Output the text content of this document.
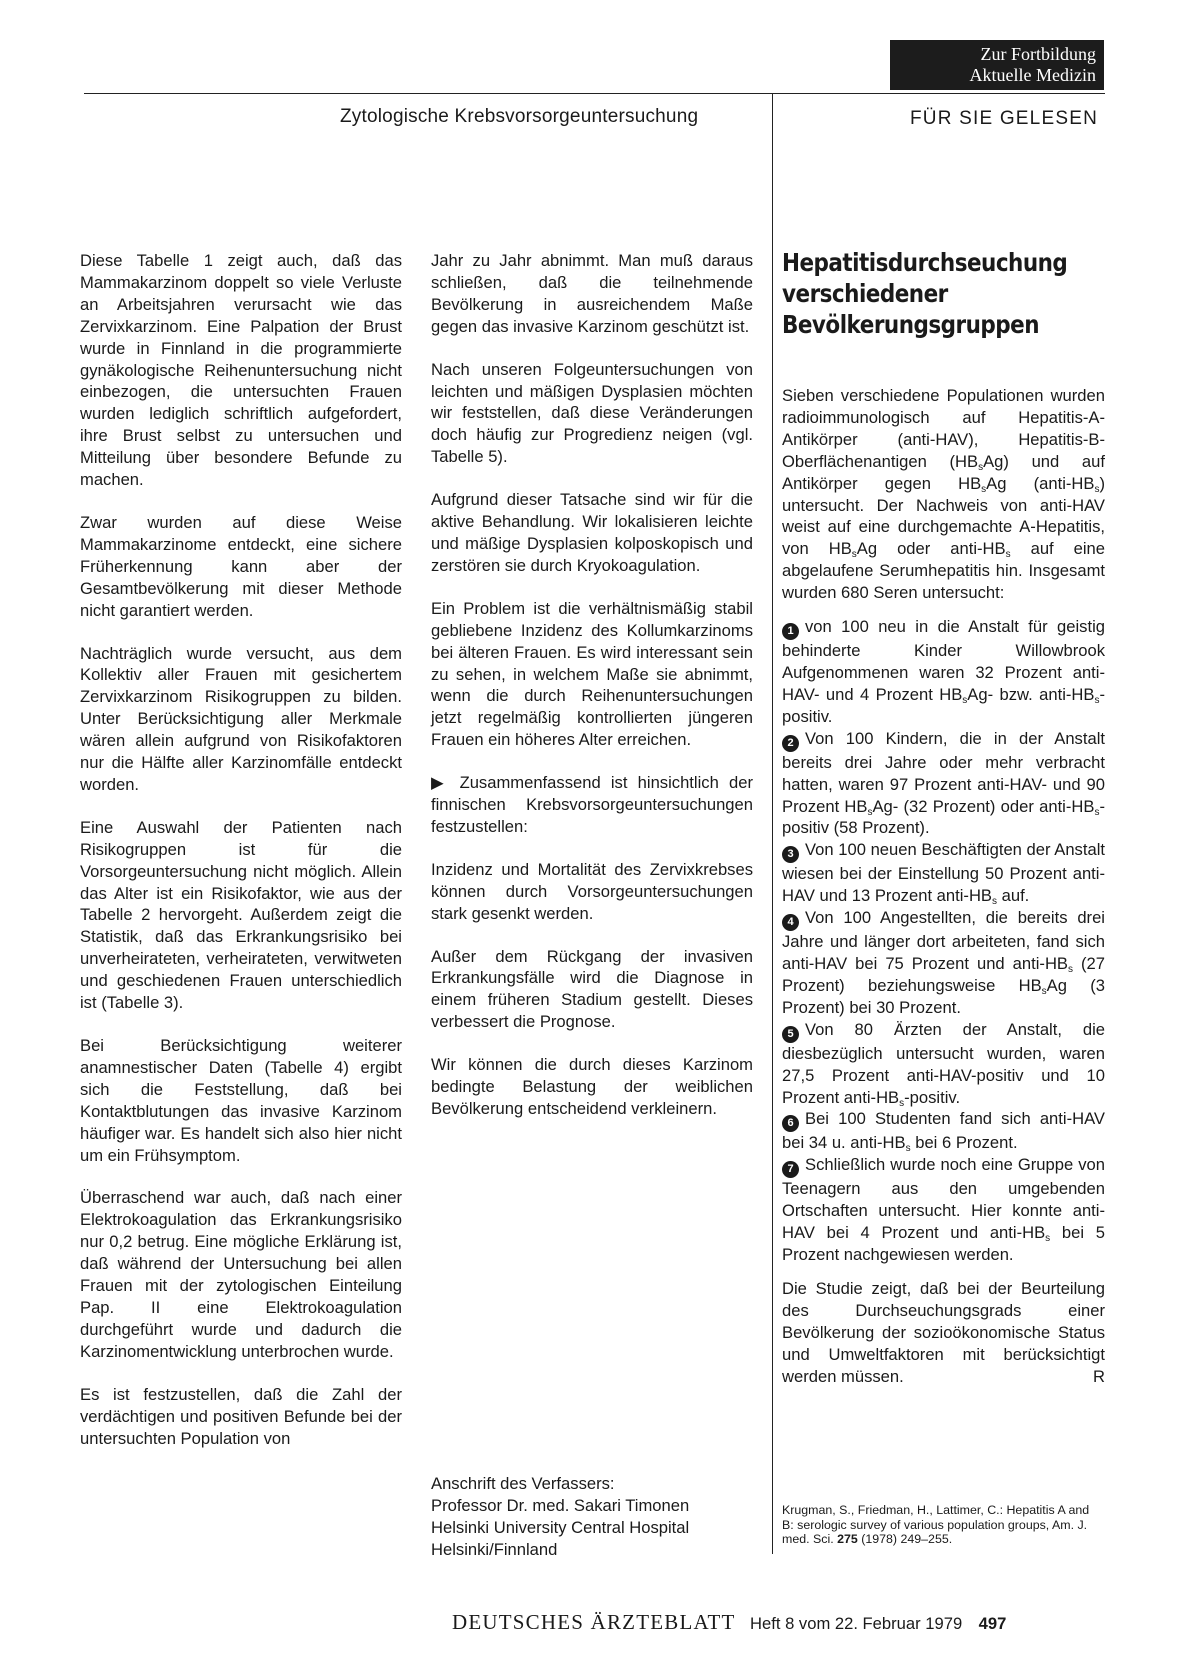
Zur Fortbildung
Aktuelle Medizin
Zytologische Krebsvorsorgeuntersuchung	FÜR SIE GELESEN

Diese Tabelle 1 zeigt auch, daß das Mammakarzinom doppelt so viele Verluste an Arbeitsjahren verursacht wie das Zervixkarzinom. Eine Palpation der Brust wurde in Finnland in die programmierte gynäkologische Reihenuntersuchung nicht einbezogen, die untersuchten Frauen wurden lediglich schriftlich aufgefordert, ihre Brust selbst zu untersuchen und Mitteilung über besondere Befunde zu machen.

Zwar wurden auf diese Weise Mammakarzinome entdeckt, eine sichere Früherkennung kann aber der Gesamtbevölkerung mit dieser Methode nicht garantiert werden.

Nachträglich wurde versucht, aus dem Kollektiv aller Frauen mit gesichertem Zervixkarzinom Risikogruppen zu bilden. Unter Berücksichtigung aller Merkmale wären allein aufgrund von Risikofaktoren nur die Hälfte aller Karzinomfälle entdeckt worden.

Eine Auswahl der Patienten nach Risikogruppen ist für die Vorsorgeuntersuchung nicht möglich. Allein das Alter ist ein Risikofaktor, wie aus der Tabelle 2 hervorgeht. Außerdem zeigt die Statistik, daß das Erkrankungsrisiko bei unverheirateten, verheirateten, verwitweten und geschiedenen Frauen unterschiedlich ist (Tabelle 3).

Bei Berücksichtigung weiterer anamnestischer Daten (Tabelle 4) ergibt sich die Feststellung, daß bei Kontaktblutungen das invasive Karzinom häufiger war. Es handelt sich also hier nicht um ein Frühsymptom.

Überraschend war auch, daß nach einer Elektrokoagulation das Erkrankungsrisiko nur 0,2 betrug. Eine mögliche Erklärung ist, daß während der Untersuchung bei allen Frauen mit der zytologischen Einteilung Pap. II eine Elektrokoagulation durchgeführt wurde und dadurch die Karzinomentwicklung unterbrochen wurde.

Es ist festzustellen, daß die Zahl der verdächtigen und positiven Befunde bei der untersuchten Population von

Jahr zu Jahr abnimmt. Man muß daraus schließen, daß die teilnehmende Bevölkerung in ausreichendem Maße gegen das invasive Karzinom geschützt ist.

Nach unseren Folgeuntersuchungen von leichten und mäßigen Dysplasien möchten wir feststellen, daß diese Veränderungen doch häufig zur Progredienz neigen (vgl. Tabelle 5).

Aufgrund dieser Tatsache sind wir für die aktive Behandlung. Wir lokalisieren leichte und mäßige Dysplasien kolposkopisch und zerstören sie durch Kryokoagulation.

Ein Problem ist die verhältnismäßig stabil gebliebene Inzidenz des Kollumkarzinoms bei älteren Frauen. Es wird interessant sein zu sehen, in welchem Maße sie abnimmt, wenn die durch Reihenuntersuchungen jetzt regelmäßig kontrollierten jüngeren Frauen ein höheres Alter erreichen.

▶ Zusammenfassend ist hinsichtlich der finnischen Krebsvorsorgeuntersuchungen festzustellen:

Inzidenz und Mortalität des Zervixkrebses können durch Vorsorgeuntersuchungen stark gesenkt werden.

Außer dem Rückgang der invasiven Erkrankungsfälle wird die Diagnose in einem früheren Stadium gestellt. Dieses verbessert die Prognose.

Wir können die durch dieses Karzinom bedingte Belastung der weiblichen Bevölkerung entscheidend verkleinern.

Anschrift des Verfassers:
Professor Dr. med. Sakari Timonen
Helsinki University Central Hospital
Helsinki/Finnland
Hepatitisdurchseuchung verschiedener Bevölkerungsgruppen

Sieben verschiedene Populationen wurden radioimmunologisch auf Hepatitis-A-Antikörper (anti-HAV), Hepatitis-B-Oberflächenantigen $(HB_sAg)$ und auf Antikörper gegen $HB_sAg$ $(anti-HB_s)$ untersucht. Der Nachweis von anti-HAV weist auf eine durchgemachte A-Hepatitis, von $HB_sAg$ oder anti-$HB_s$ auf eine abgelaufene Serumhepatitis hin. Insgesamt wurden 680 Seren untersucht:

1 von 100 neu in die Anstalt für geistig behinderte Kinder Willowbrook Aufgenommenen waren 32 Prozent anti-HAV- und 4 Prozent $HB_sAg-$ bzw. anti-$HB_s$-positiv.

2 Von 100 Kindern, die in der Anstalt bereits drei Jahre oder mehr verbracht hatten, waren 97 Prozent anti-HAV- und 90 Prozent $HB_sAg-$ (32 Prozent) oder anti-$HB_s$-positiv (58 Prozent).

3 Von 100 neuen Beschäftigten der Anstalt wiesen bei der Einstellung 50 Prozent anti-HAV und 13 Prozent anti-$HB_s$ auf.

4 Von 100 Angestellten, die bereits drei Jahre und länger dort arbeiteten, fand sich anti-HAV bei 75 Prozent und anti-$HB_s$ (27 Prozent) beziehungsweise $HB_sAg$ (3 Prozent) bei 30 Prozent.

5 Von 80 Ärzten der Anstalt, die diesbezüglich untersucht wurden, waren 27,5 Prozent anti-HAV-positiv und 10 Prozent anti-$HB_s$-positiv.

6 Bei 100 Studenten fand sich anti-HAV bei 34 u. anti-$HB_s$ bei 6 Prozent.

7 Schließlich wurde noch eine Gruppe von Teenagern aus den umgebenden Ortschaften untersucht. Hier konnte anti-HAV bei 4 Prozent und anti-$HB_s$ bei 5 Prozent nachgewiesen werden.

Die Studie zeigt, daß bei der Beurteilung des Durchseuchungsgrads einer Bevölkerung der sozioökonomische Status und Umweltfaktoren mit berücksichtigt werden müssen.	R

Krugman, S., Friedman, H., Lattimer, C.: Hepatitis A and B: serologic survey of various population groups, Am. J. med. Sci. 275 (1978) 249–255.
DEUTSCHES ÄRZTEBLATT Heft 8 vom 22. Februar 1979 497
